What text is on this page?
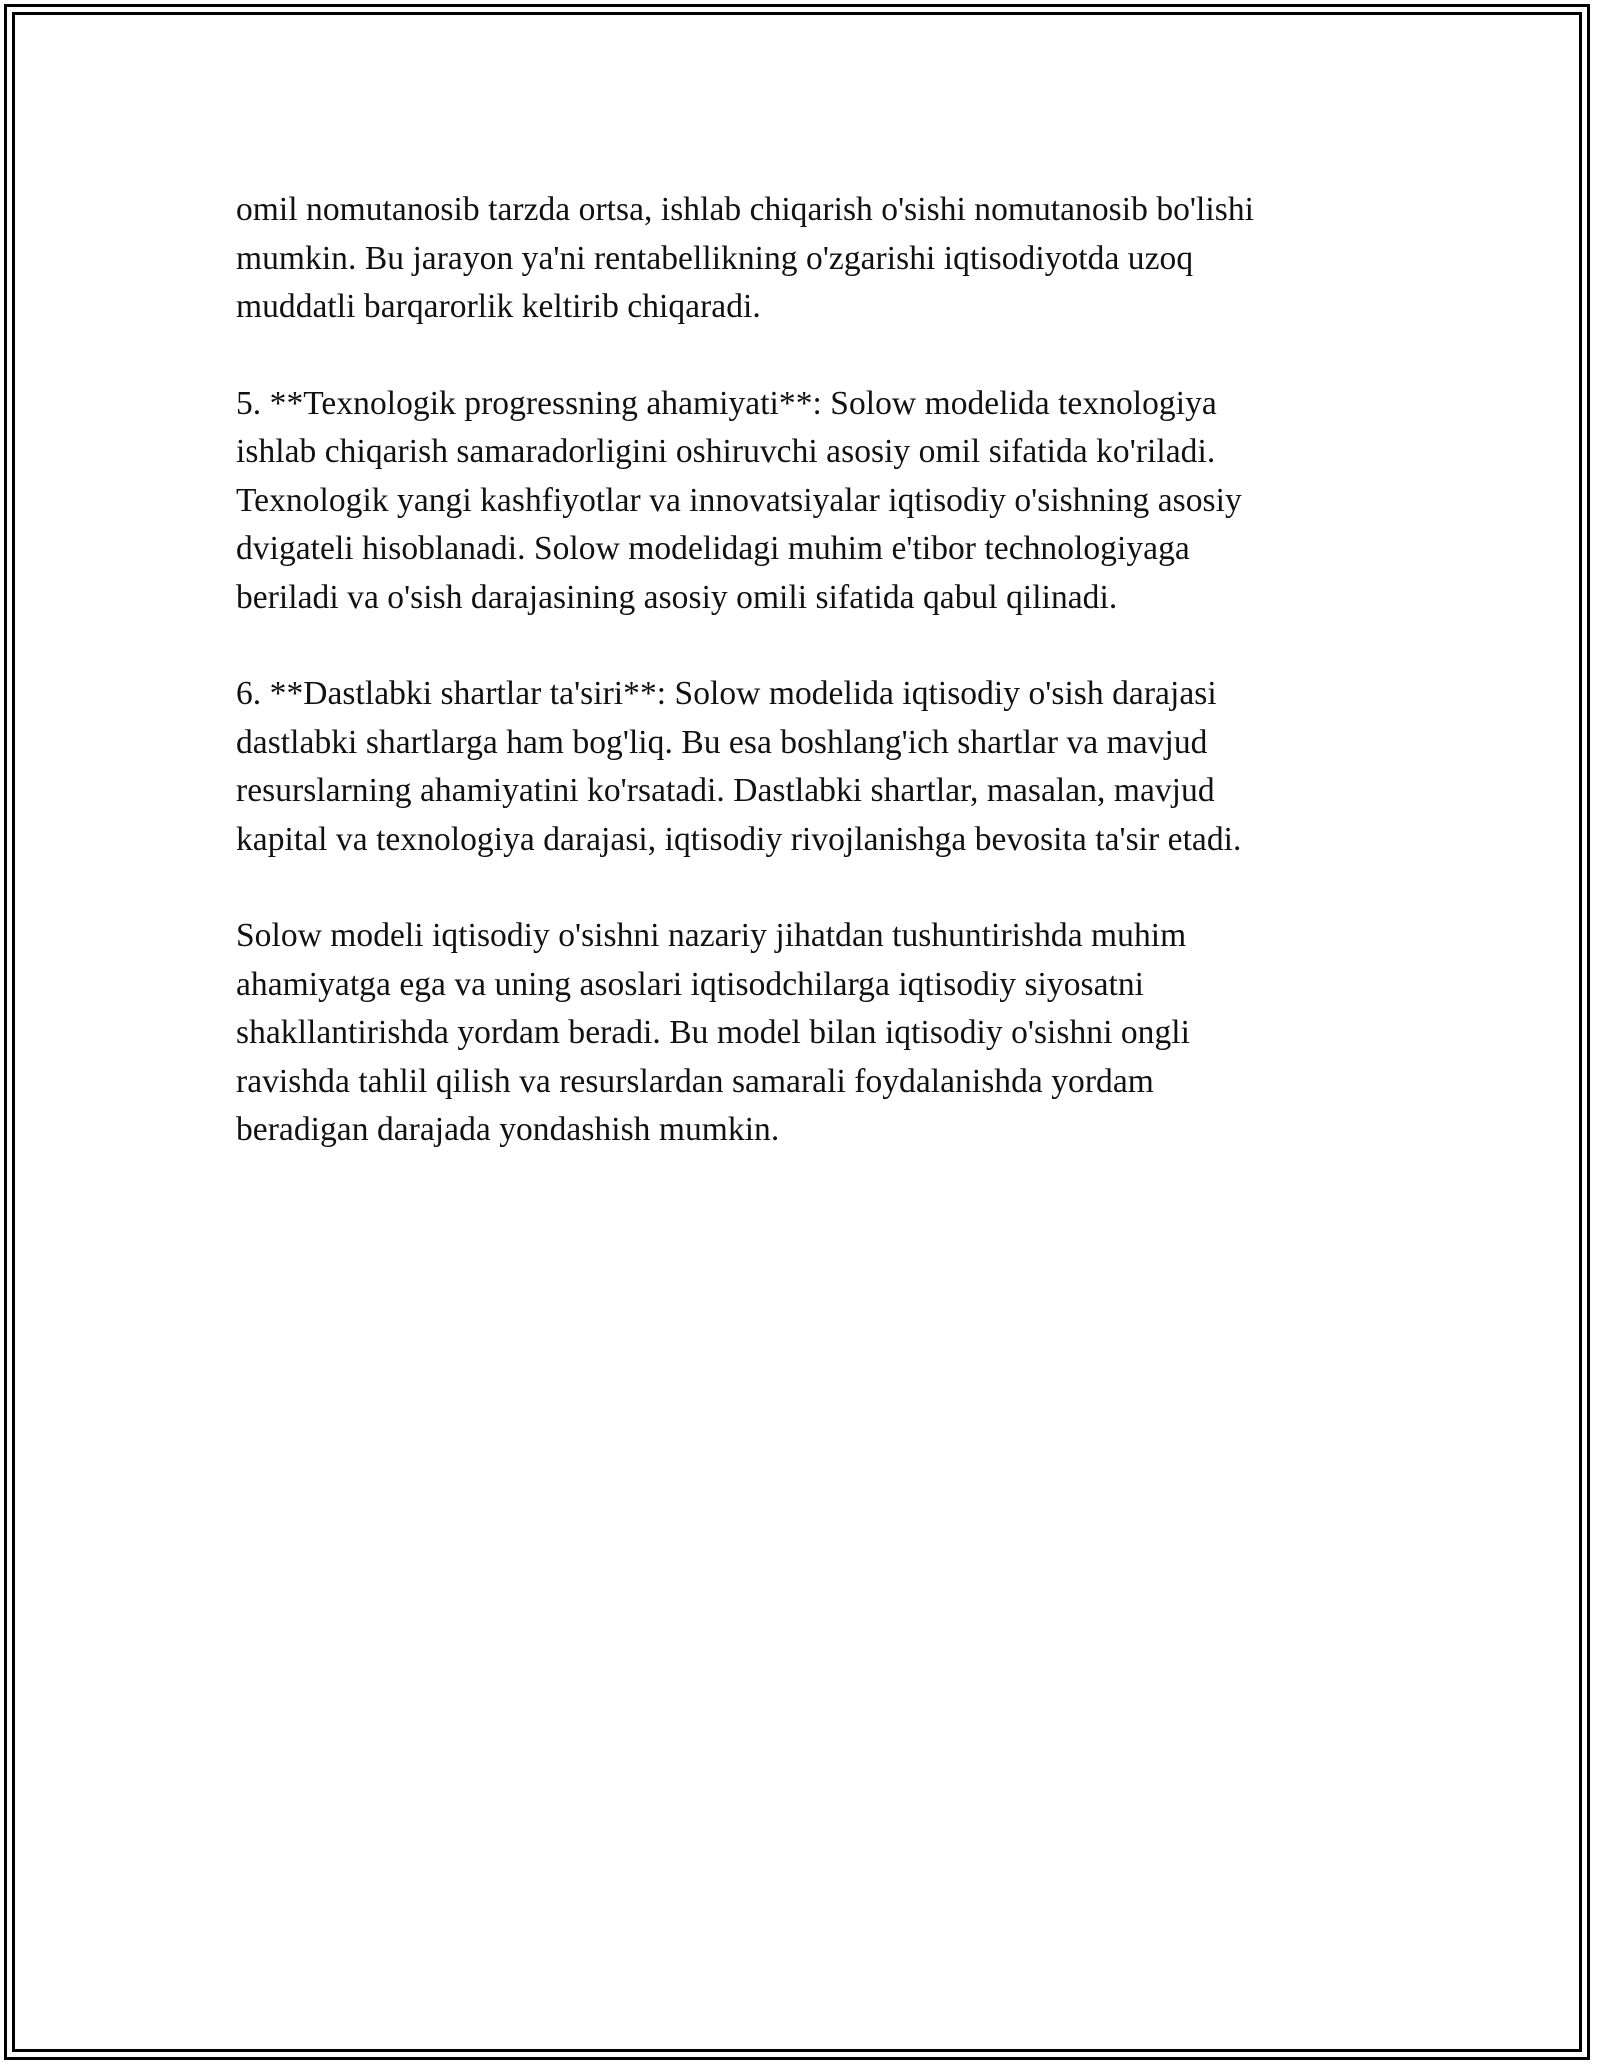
omil nomutanosib tarzda ortsa, ishlab chiqarish o'sishi nomutanosib bo'lishi
mumkin. Bu jarayon ya'ni rentabellikning o'zgarishi iqtisodiyotda uzoq
muddatli barqarorlik keltirib chiqaradi.

5. **Texnologik progressning ahamiyati**: Solow modelida texnologiya
ishlab chiqarish samaradorligini oshiruvchi asosiy omil sifatida ko'riladi.
Texnologik yangi kashfiyotlar va innovatsiyalar iqtisodiy o'sishning asosiy
dvigateli hisoblanadi. Solow modelidagi muhim e'tibor technologiyaga
beriladi va o'sish darajasining asosiy omili sifatida qabul qilinadi.

6. **Dastlabki shartlar ta'siri**: Solow modelida iqtisodiy o'sish darajasi
dastlabki shartlarga ham bog'liq. Bu esa boshlang'ich shartlar va mavjud
resurslarning ahamiyatini ko'rsatadi. Dastlabki shartlar, masalan, mavjud
kapital va texnologiya darajasi, iqtisodiy rivojlanishga bevosita ta'sir etadi.

Solow modeli iqtisodiy o'sishni nazariy jihatdan tushuntirishda muhim
ahamiyatga ega va uning asoslari iqtisodchilarga iqtisodiy siyosatni
shakllantirishda yordam beradi. Bu model bilan iqtisodiy o'sishni ongli
ravishda tahlil qilish va resurslardan samarali foydalanishda yordam
beradigan darajada yondashish mumkin.
